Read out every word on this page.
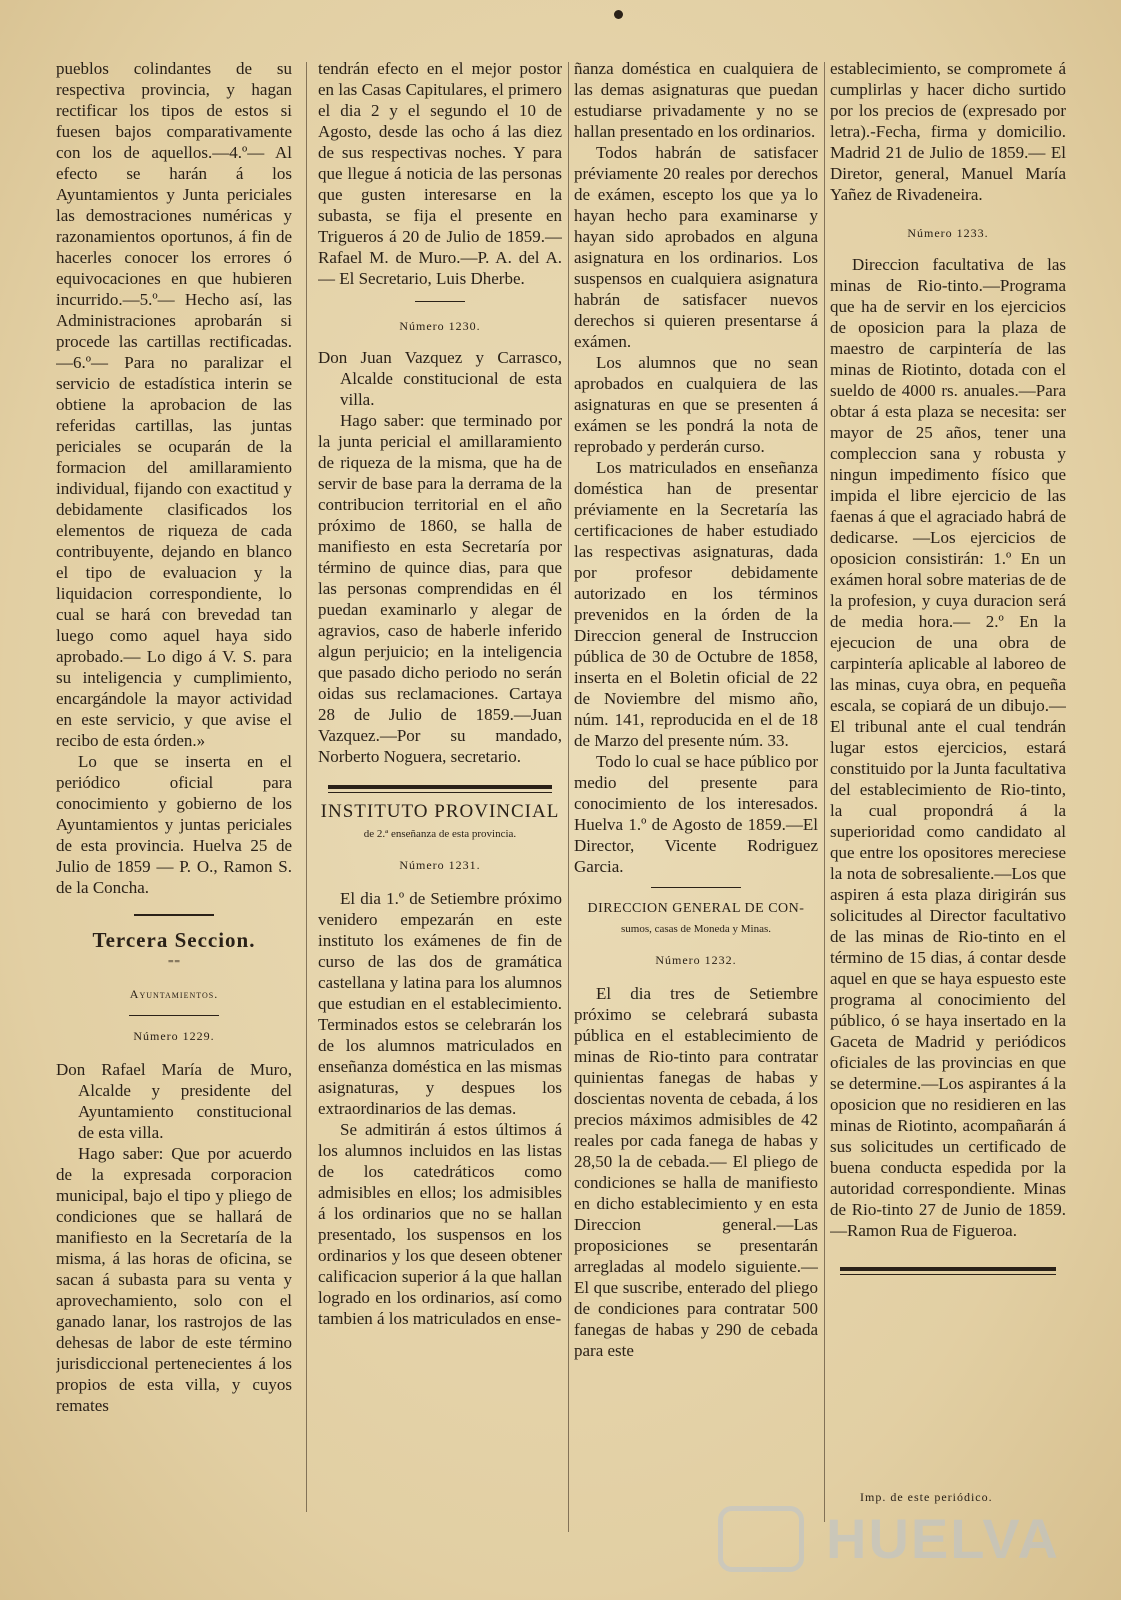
pueblos colindantes de su respectiva provincia, y hagan rectificar los tipos de estos si fuesen bajos comparativamente con los de aquellos.—4.º— Al efecto se harán á los Ayuntamientos y Junta periciales las demostraciones numéricas y razonamientos oportunos, á fin de hacerles conocer los errores ó equivocaciones en que hubieren incurrido.—5.º— Hecho así, las Administraciones aprobarán si procede las cartillas rectificadas.—6.º— Para no paralizar el servicio de estadística interin se obtiene la aprobacion de las referidas cartillas, las juntas periciales se ocuparán de la formacion del amillaramiento individual, fijando con exactitud y debidamente clasificados los elementos de riqueza de cada contribuyente, dejando en blanco el tipo de evaluacion y la liquidacion correspondiente, lo cual se hará con brevedad tan luego como aquel haya sido aprobado.— Lo digo á V. S. para su inteligencia y cumplimiento, encargándole la mayor actividad en este servicio, y que avise el recibo de esta órden.»

Lo que se inserta en el periódico oficial para conocimiento y gobierno de los Ayuntamientos y juntas periciales de esta provincia. Huelva 25 de Julio de 1859 — P. O., Ramon S. de la Concha.

Tercera Seccion.
⁼⁼
Ayuntamientos.
Número 1229.

Don Rafael María de Muro, Alcalde y presidente del Ayuntamiento constitucional de esta villa.

Hago saber: Que por acuerdo de la expresada corporacion municipal, bajo el tipo y pliego de condiciones que se hallará de manifiesto en la Secretaría de la misma, á las horas de oficina, se sacan á subasta para su venta y aprovechamiento, solo con el ganado lanar, los rastrojos de las dehesas de labor de este término jurisdiccional pertenecientes á los propios de esta villa, y cuyos remates

tendrán efecto en el mejor postor en las Casas Capitulares, el primero el dia 2 y el segundo el 10 de Agosto, desde las ocho á las diez de sus respectivas noches. Y para que llegue á noticia de las personas que gusten interesarse en la subasta, se fija el presente en Trigueros á 20 de Julio de 1859.—Rafael M. de Muro.—P. A. del A.— El Secretario, Luis Dherbe.

Número 1230.

Don Juan Vazquez y Carrasco, Alcalde constitucional de esta villa.

Hago saber: que terminado por la junta pericial el amillaramiento de riqueza de la misma, que ha de servir de base para la derrama de la contribucion territorial en el año próximo de 1860, se halla de manifiesto en esta Secretaría por término de quince dias, para que las personas comprendidas en él puedan examinarlo y alegar de agravios, caso de haberle inferido algun perjuicio; en la inteligencia que pasado dicho periodo no serán oidas sus reclamaciones. Cartaya 28 de Julio de 1859.—Juan Vazquez.—Por su mandado, Norberto Noguera, secretario.

INSTITUTO PROVINCIAL
de 2.ª enseñanza de esta provincia.
Número 1231.

El dia 1.º de Setiembre próximo venidero empezarán en este instituto los exámenes de fin de curso de las dos de gramática castellana y latina para los alumnos que estudian en el establecimiento. Terminados estos se celebrarán los de los alumnos matriculados en enseñanza doméstica en las mismas asignaturas, y despues los extraordinarios de las demas.

Se admitirán á estos últimos á los alumnos incluidos en las listas de los catedráticos como admisibles en ellos; los admisibles á los ordinarios que no se hallan presentado, los suspensos en los ordinarios y los que deseen obtener calificacion superior á la que hallan logrado en los ordinarios, así como tambien á los matriculados en ense-

ñanza doméstica en cualquiera de las demas asignaturas que puedan estudiarse privadamente y no se hallan presentado en los ordinarios.

Todos habrán de satisfacer préviamente 20 reales por derechos de exámen, escepto los que ya lo hayan hecho para examinarse y hayan sido aprobados en alguna asignatura en los ordinarios. Los suspensos en cualquiera asignatura habrán de satisfacer nuevos derechos si quieren presentarse á exámen.

Los alumnos que no sean aprobados en cualquiera de las asignaturas en que se presenten á exámen se les pondrá la nota de reprobado y perderán curso.

Los matriculados en enseñanza doméstica han de presentar préviamente en la Secretaría las certificaciones de haber estudiado las respectivas asignaturas, dada por profesor debidamente autorizado en los términos prevenidos en la órden de la Direccion general de Instruccion pública de 30 de Octubre de 1858, inserta en el Boletin oficial de 22 de Noviembre del mismo año, núm. 141, reproducida en el de 18 de Marzo del presente núm. 33.

Todo lo cual se hace público por medio del presente para conocimiento de los interesados. Huelva 1.º de Agosto de 1859.—El Director, Vicente Rodriguez Garcia.

DIRECCION GENERAL DE CON-
sumos, casas de Moneda y Minas.
Número 1232.

El dia tres de Setiembre próximo se celebrará subasta pública en el establecimiento de minas de Rio-tinto para contratar quinientas fanegas de habas y doscientas noventa de cebada, á los precios máximos admisibles de 42 reales por cada fanega de habas y 28,50 la de cebada.— El pliego de condiciones se halla de manifiesto en dicho establecimiento y en esta Direccion general.—Las proposiciones se presentarán arregladas al modelo siguiente.— El que suscribe, enterado del pliego de condiciones para contratar 500 fanegas de habas y 290 de cebada para este

establecimiento, se compromete á cumplirlas y hacer dicho surtido por los precios de (expresado por letra).-Fecha, firma y domicilio. Madrid 21 de Julio de 1859.— El Diretor, general, Manuel María Yañez de Rivadeneira.

Número 1233.

Direccion facultativa de las minas de Rio-tinto.—Programa que ha de servir en los ejercicios de oposicion para la plaza de maestro de carpintería de las minas de Riotinto, dotada con el sueldo de 4000 rs. anuales.—Para obtar á esta plaza se necesita: ser mayor de 25 años, tener una compleccion sana y robusta y ningun impedimento físico que impida el libre ejercicio de las faenas á que el agraciado habrá de dedicarse. —Los ejercicios de oposicion consistirán: 1.º En un exámen horal sobre materias de de la profesion, y cuya duracion será de media hora.— 2.º En la ejecucion de una obra de carpintería aplicable al laboreo de las minas, cuya obra, en pequeña escala, se copiará de un dibujo.—El tribunal ante el cual tendrán lugar estos ejercicios, estará constituido por la Junta facultativa del establecimiento de Rio-tinto, la cual propondrá á la superioridad como candidato al que entre los opositores mereciese la nota de sobresaliente.—Los que aspiren á esta plaza dirigirán sus solicitudes al Director facultativo de las minas de Rio-tinto en el término de 15 dias, á contar desde aquel en que se haya espuesto este programa al conocimiento del público, ó se haya insertado en la Gaceta de Madrid y periódicos oficiales de las provincias en que se determine.—Los aspirantes á la oposicion que no residieren en las minas de Riotinto, acompañarán á sus solicitudes un certificado de buena conducta espedida por la autoridad correspondiente. Minas de Rio-tinto 27 de Junio de 1859.—Ramon Rua de Figueroa.

Imp. de este periódico.
HUELVA
